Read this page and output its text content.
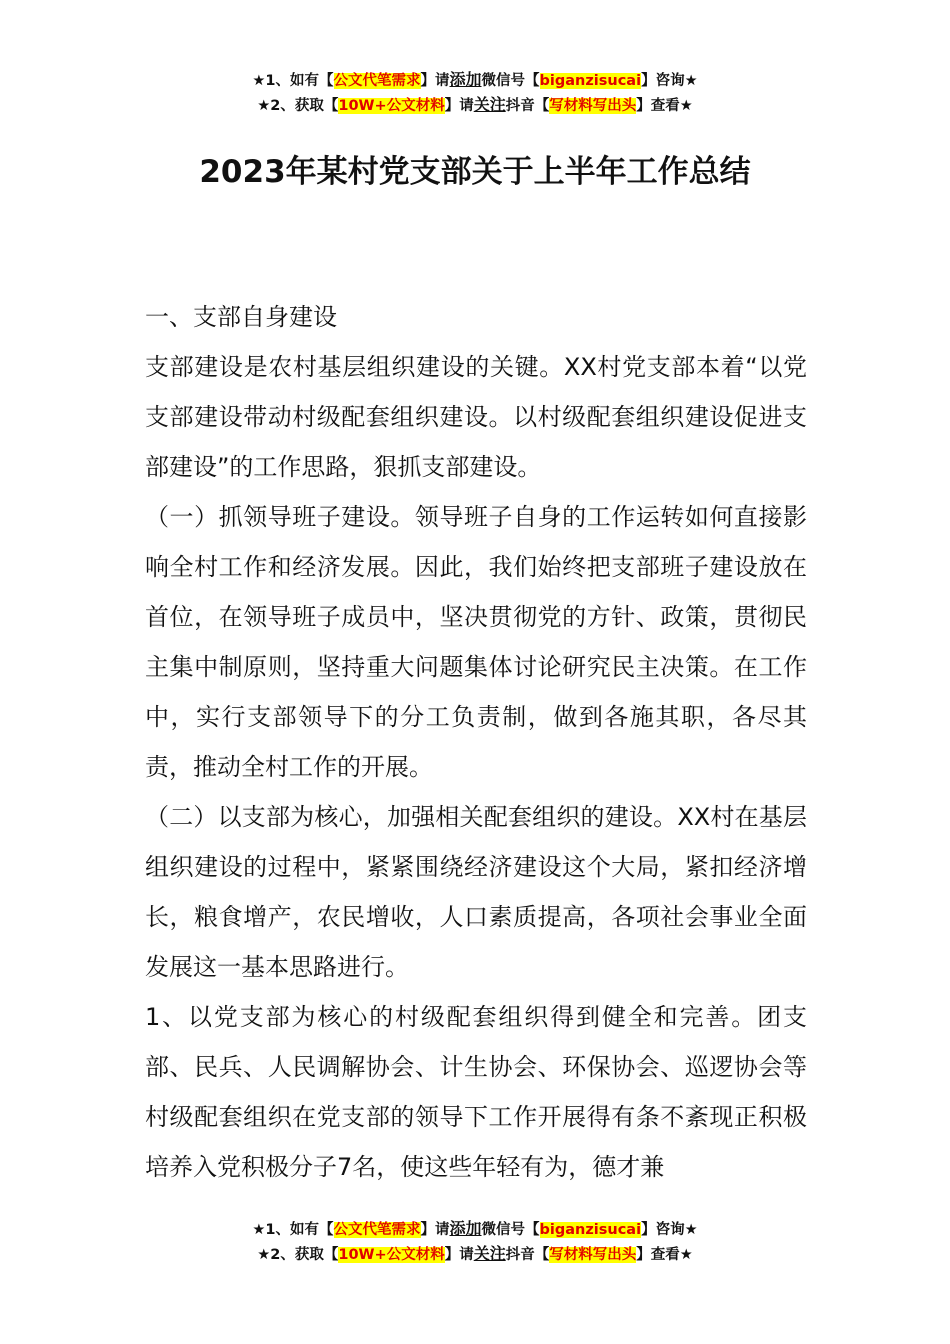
★1、如有【公文代笔需求】请添加微信号【biganzisucai】咨询★
★2、获取【10W+公文材料】请关注抖音【写材料写出头】查看★
2023年某村党支部关于上半年工作总结

一、支部自身建设

支部建设是农村基层组织建设的关键。XX村党支部本着“以党支部建设带动村级配套组织建设。以村级配套组织建设促进支部建设”的工作思路，狠抓支部建设。

（一）抓领导班子建设。领导班子自身的工作运转如何直接影响全村工作和经济发展。因此，我们始终把支部班子建设放在首位，在领导班子成员中，坚决贯彻党的方针、政策，贯彻民主集中制原则，坚持重大问题集体讨论研究民主决策。在工作中，实行支部领导下的分工负责制，做到各施其职，各尽其责，推动全村工作的开展。

（二）以支部为核心，加强相关配套组织的建设。XX村在基层组织建设的过程中，紧紧围绕经济建设这个大局，紧扣经济增长，粮食增产，农民增收，人口素质提高，各项社会事业全面发展这一基本思路进行。

1、以党支部为核心的村级配套组织得到健全和完善。团支部、民兵、人民调解协会、计生协会、环保协会、巡逻协会等村级配套组织在党支部的领导下工作开展得有条不紊现正积极培养入党积极分子7名，使这些年轻有为，德才兼

★1、如有【公文代笔需求】请添加微信号【biganzisucai】咨询★
★2、获取【10W+公文材料】请关注抖音【写材料写出头】查看★
